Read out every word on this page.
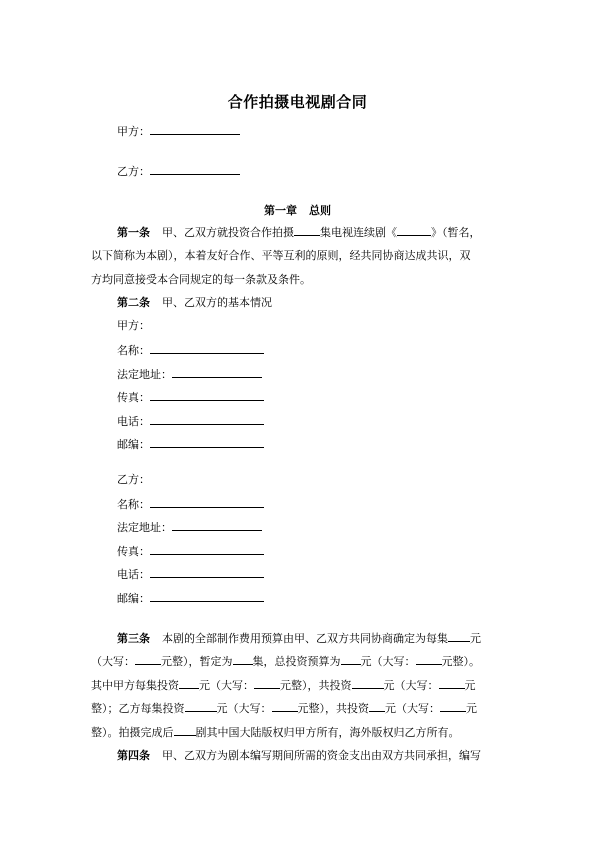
合作拍摄电视剧合同
甲方：
乙方：
第一章 总则
第一条 甲、乙双方就投资合作拍摄 集电视连续剧《	》（暂名，
以下简称为本剧），本着友好合作、平等互利的原则，经共同协商达成共识，双
方均同意接受本合同规定的每一条款及条件。
第二条 甲、乙双方的基本情况
甲方：
名称：
法定地址：
传真：
电话：
邮编：
乙方：
名称：
法定地址：
传真：
电话：
邮编：
第三条 本剧的全部制作费用预算由甲、乙双方共同协商确定为每集 元
（大写： 元整），暂定为 集，总投资预算为 元（大写： 元整）。
其中甲方每集投资 元（大写： 元整），共投资	元（大写： 元
整）；乙方每集投资	元（大写： 元整），共投资 元（大写： 元
整）。拍摄完成后 剧其中国大陆版权归甲方所有，海外版权归乙方所有。
第四条 甲、乙双方为剧本编写期间所需的资金支出由双方共同承担，编写
